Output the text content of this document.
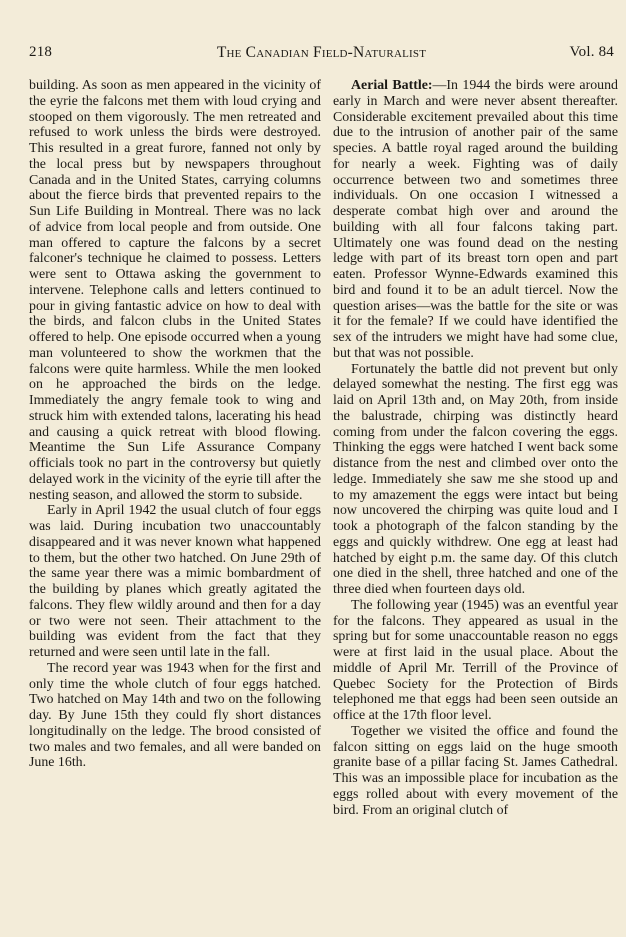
218	The Canadian Field-Naturalist	Vol. 84

building. As soon as men appeared in the vicinity of the eyrie the falcons met them with loud crying and stooped on them vigorously. The men retreated and refused to work unless the birds were destroyed. This resulted in a great furore, fanned not only by the local press but by newspapers throughout Canada and in the United States, carrying columns about the fierce birds that prevented repairs to the Sun Life Building in Montreal. There was no lack of advice from local people and from outside. One man offered to capture the falcons by a secret falconer's technique he claimed to possess. Letters were sent to Ottawa asking the government to intervene. Telephone calls and letters continued to pour in giving fantastic advice on how to deal with the birds, and falcon clubs in the United States offered to help. One episode occurred when a young man volunteered to show the workmen that the falcons were quite harmless. While the men looked on he approached the birds on the ledge. Immediately the angry female took to wing and struck him with extended talons, lacerating his head and causing a quick retreat with blood flowing. Meantime the Sun Life Assurance Company officials took no part in the controversy but quietly delayed work in the vicinity of the eyrie till after the nesting season, and allowed the storm to subside.

Early in April 1942 the usual clutch of four eggs was laid. During incubation two unaccountably disappeared and it was never known what happened to them, but the other two hatched. On June 29th of the same year there was a mimic bombardment of the building by planes which greatly agitated the falcons. They flew wildly around and then for a day or two were not seen. Their attachment to the building was evident from the fact that they returned and were seen until late in the fall.

The record year was 1943 when for the first and only time the whole clutch of four eggs hatched. Two hatched on May 14th and two on the following day. By June 15th they could fly short distances longitudinally on the ledge. The brood consisted of two males and two females, and all were banded on June 16th.

Aerial Battle:—In 1944 the birds were around early in March and were never absent thereafter. Considerable excitement prevailed about this time due to the intrusion of another pair of the same species. A battle royal raged around the building for nearly a week. Fighting was of daily occurrence between two and sometimes three individuals. On one occasion I witnessed a desperate combat high over and around the building with all four falcons taking part. Ultimately one was found dead on the nesting ledge with part of its breast torn open and part eaten. Professor Wynne-Edwards examined this bird and found it to be an adult tiercel. Now the question arises—was the battle for the site or was it for the female? If we could have identified the sex of the intruders we might have had some clue, but that was not possible.

Fortunately the battle did not prevent but only delayed somewhat the nesting. The first egg was laid on April 13th and, on May 20th, from inside the balustrade, chirping was distinctly heard coming from under the falcon covering the eggs. Thinking the eggs were hatched I went back some distance from the nest and climbed over onto the ledge. Immediately she saw me she stood up and to my amazement the eggs were intact but being now uncovered the chirping was quite loud and I took a photograph of the falcon standing by the eggs and quickly withdrew. One egg at least had hatched by eight p.m. the same day. Of this clutch one died in the shell, three hatched and one of the three died when fourteen days old.

The following year (1945) was an eventful year for the falcons. They appeared as usual in the spring but for some unaccountable reason no eggs were at first laid in the usual place. About the middle of April Mr. Terrill of the Province of Quebec Society for the Protection of Birds telephoned me that eggs had been seen outside an office at the 17th floor level.

Together we visited the office and found the falcon sitting on eggs laid on the huge smooth granite base of a pillar facing St. James Cathedral. This was an impossible place for incubation as the eggs rolled about with every movement of the bird. From an original clutch of
